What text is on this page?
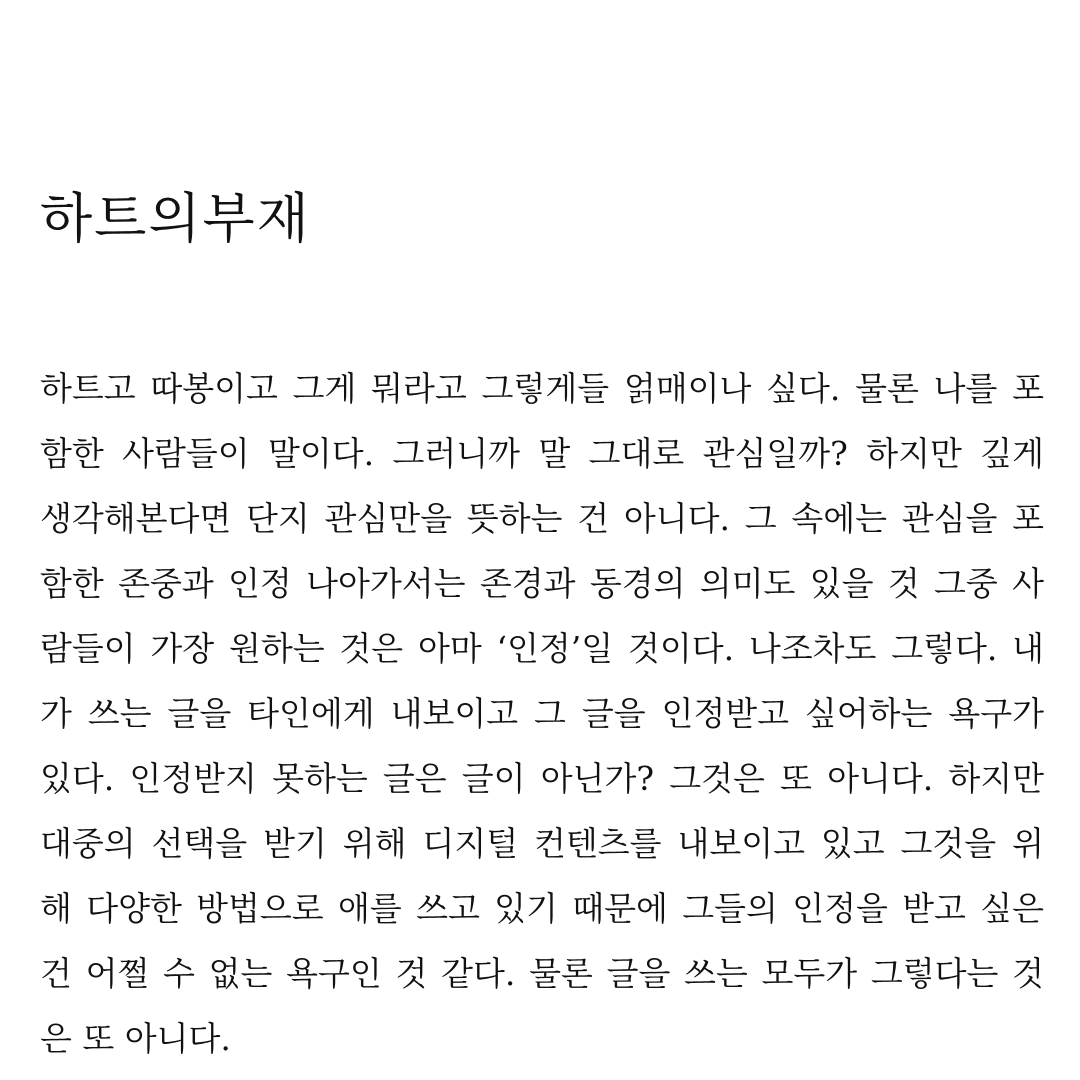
하트의부재
하트고 따봉이고 그게 뭐라고 그렇게들 얽매이나 싶다. 물론 나를 포
함한 사람들이 말이다. 그러니까 말 그대로 관심일까? 하지만 깊게
생각해본다면 단지 관심만을 뜻하는 건 아니다. 그 속에는 관심을 포
함한 존중과 인정 나아가서는 존경과 동경의 의미도 있을 것 그중 사
람들이 가장 원하는 것은 아마 ‘인정’일 것이다. 나조차도 그렇다. 내
가 쓰는 글을 타인에게 내보이고 그 글을 인정받고 싶어하는 욕구가
있다. 인정받지 못하는 글은 글이 아닌가? 그것은 또 아니다. 하지만
대중의 선택을 받기 위해 디지털 컨텐츠를 내보이고 있고 그것을 위
해 다양한 방법으로 애를 쓰고 있기 때문에 그들의 인정을 받고 싶은
건 어쩔 수 없는 욕구인 것 같다. 물론 글을 쓰는 모두가 그렇다는 것
은 또 아니다.
